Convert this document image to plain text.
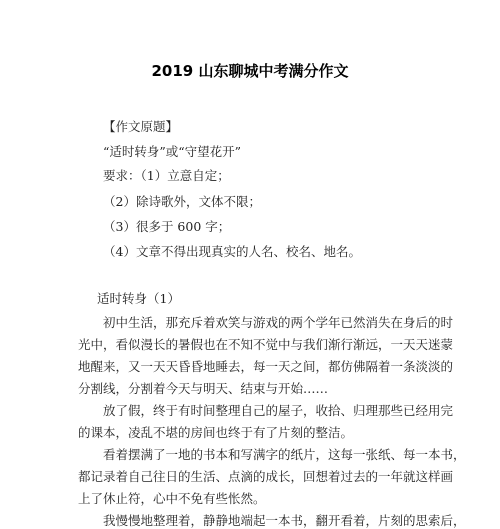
2019 山东聊城中考满分作文
【作文原题】
“适时转身”或“守望花开”
要求：（1）立意自定；
（2）除诗歌外，文体不限；
（3）很多于 600 字；
（4）文章不得出现真实的人名、校名、地名。
适时转身（1）
初中生活，那充斥着欢笑与游戏的两个学年已然消失在身后的时
光中，看似漫长的暑假也在不知不觉中与我们渐行渐远，一天天迷蒙
地醒来，又一天天昏昏地睡去，每一天之间，都仿佛隔着一条淡淡的
分割线，分割着今天与明天、结束与开始……
放了假，终于有时间整理自己的屋子，收拾、归理那些已经用完
的课本，凌乱不堪的房间也终于有了片刻的整洁。
看着摆满了一地的书本和写满字的纸片，这每一张纸、每一本书，
都记录着自己往日的生活、点滴的成长，回想着过去的一年就这样画
上了休止符，心中不免有些怅然。
我慢慢地整理着，静静地端起一本书，翻开看着，片刻的思索后，
